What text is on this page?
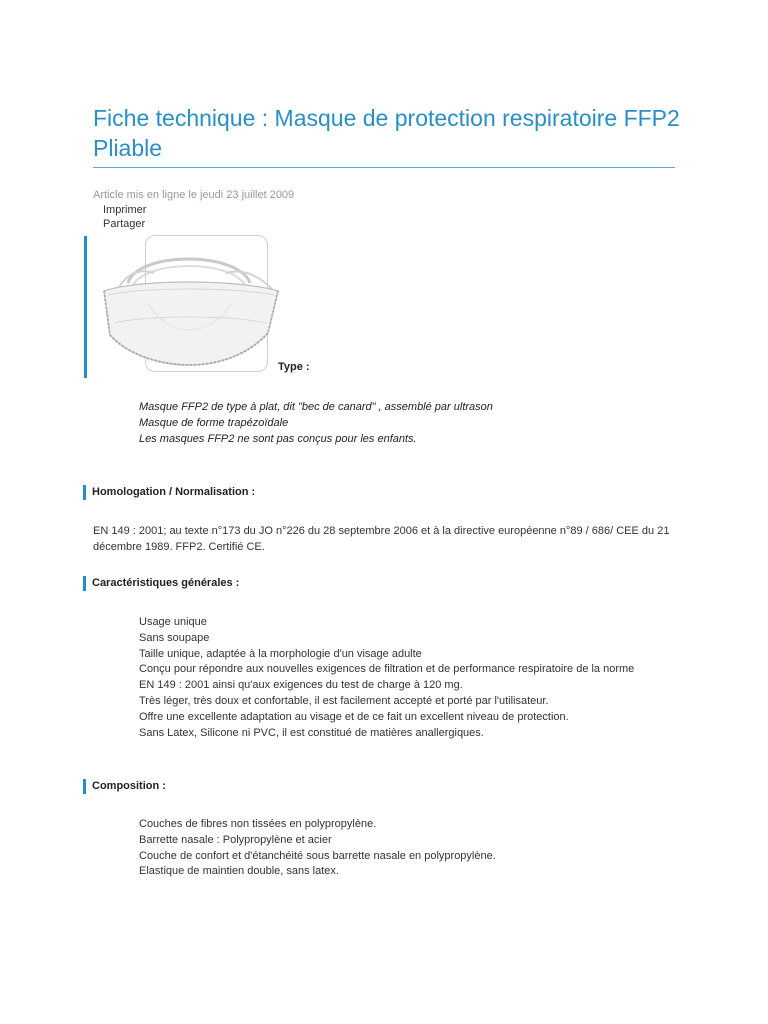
Fiche technique : Masque de protection respiratoire FFP2 Pliable
Article mis en ligne le jeudi 23 juillet 2009
Imprimer
Partager
Type :
Masque FFP2 de type à plat, dit "bec de canard" , assemblé par ultrason
Masque de forme trapézoïdale
Les masques FFP2 ne sont pas conçus pour les enfants.
Homologation / Normalisation :
EN 149 : 2001; au texte n°173 du JO n°226 du 28 septembre 2006 et à la directive européenne n°89 / 686/ CEE du 21 décembre 1989. FFP2. Certifié CE.
Caractéristiques générales :
Usage unique
Sans soupape
Taille unique, adaptée à la morphologie d'un visage adulte
Conçu pour répondre aux nouvelles exigences de filtration et de performance respiratoire de la norme
EN 149 : 2001 ainsi qu'aux exigences du test de charge à 120 mg.
Très léger, très doux et confortable, il est facilement accepté et porté par l'utilisateur.
Offre une excellente adaptation au visage et de ce fait un excellent niveau de protection.
Sans Latex, Silicone ni PVC, il est constitué de matières anallergiques.
Composition :
Couches de fibres non tissées en polypropylène.
Barrette nasale : Polypropylène et acier
Couche de confort et d'étanchéité sous barrette nasale en polypropylène.
Elastique de maintien double, sans latex.
